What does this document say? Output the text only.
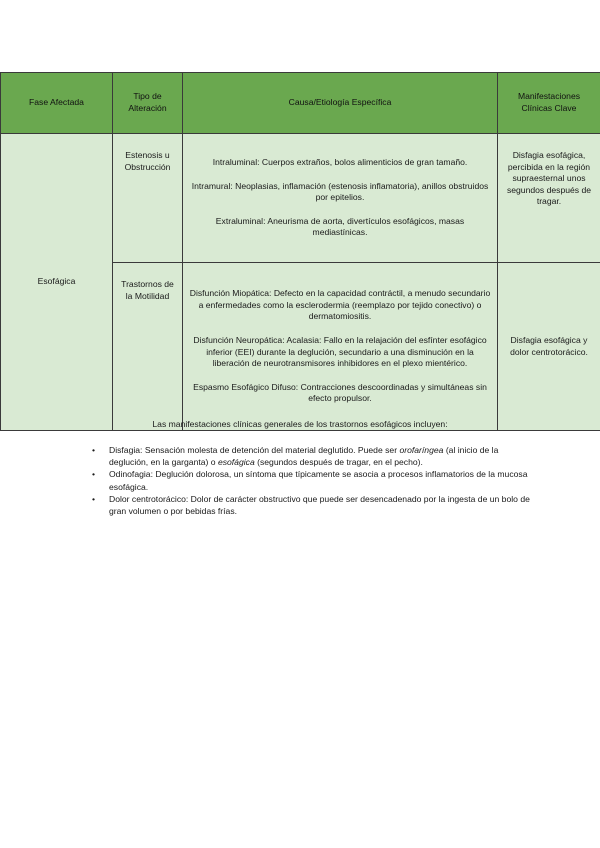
Fase Afectada	Tipo de Alteración	Causa/Etiología Específica	Manifestaciones Clínicas Clave
Esofágica	Estenosis u Obstrucción	Intraluminal: Cuerpos extraños, bolos alimenticios de gran tamaño.

Intramural: Neoplasias, inflamación (estenosis inflamatoria), anillos obstruidos por epitelios.

Extraluminal: Aneurisma de aorta, divertículos esofágicos, masas mediastínicas.	Disfagia esofágica, percibida en la región supraesternal unos segundos después de tragar.
	Trastornos de la Motilidad	Disfunción Miopática: Defecto en la capacidad contráctil, a menudo secundario a enfermedades como la esclerodermia (reemplazo por tejido conectivo) o dermatomiositis.

Disfunción Neuropática: Acalasia: Fallo en la relajación del esfínter esofágico inferior (EEI) durante la deglución, secundario a una disminución en la liberación de neurotransmisores inhibidores en el plexo mientérico.

Espasmo Esofágico Difuso: Contracciones descoordinadas y simultáneas sin efecto propulsor.	Disfagia esofágica y dolor centrotorácico.
Las manifestaciones clínicas generales de los trastornos esofágicos incluyen:
• Disfagia: Sensación molesta de detención del material deglutido. Puede ser orofaríngea (al inicio de la deglución, en la garganta) o esofágica (segundos después de tragar, en el pecho).
• Odinofagia: Deglución dolorosa, un síntoma que típicamente se asocia a procesos inflamatorios de la mucosa esofágica.
• Dolor centrotorácico: Dolor de carácter obstructivo que puede ser desencadenado por la ingesta de un bolo de gran volumen o por bebidas frías.
